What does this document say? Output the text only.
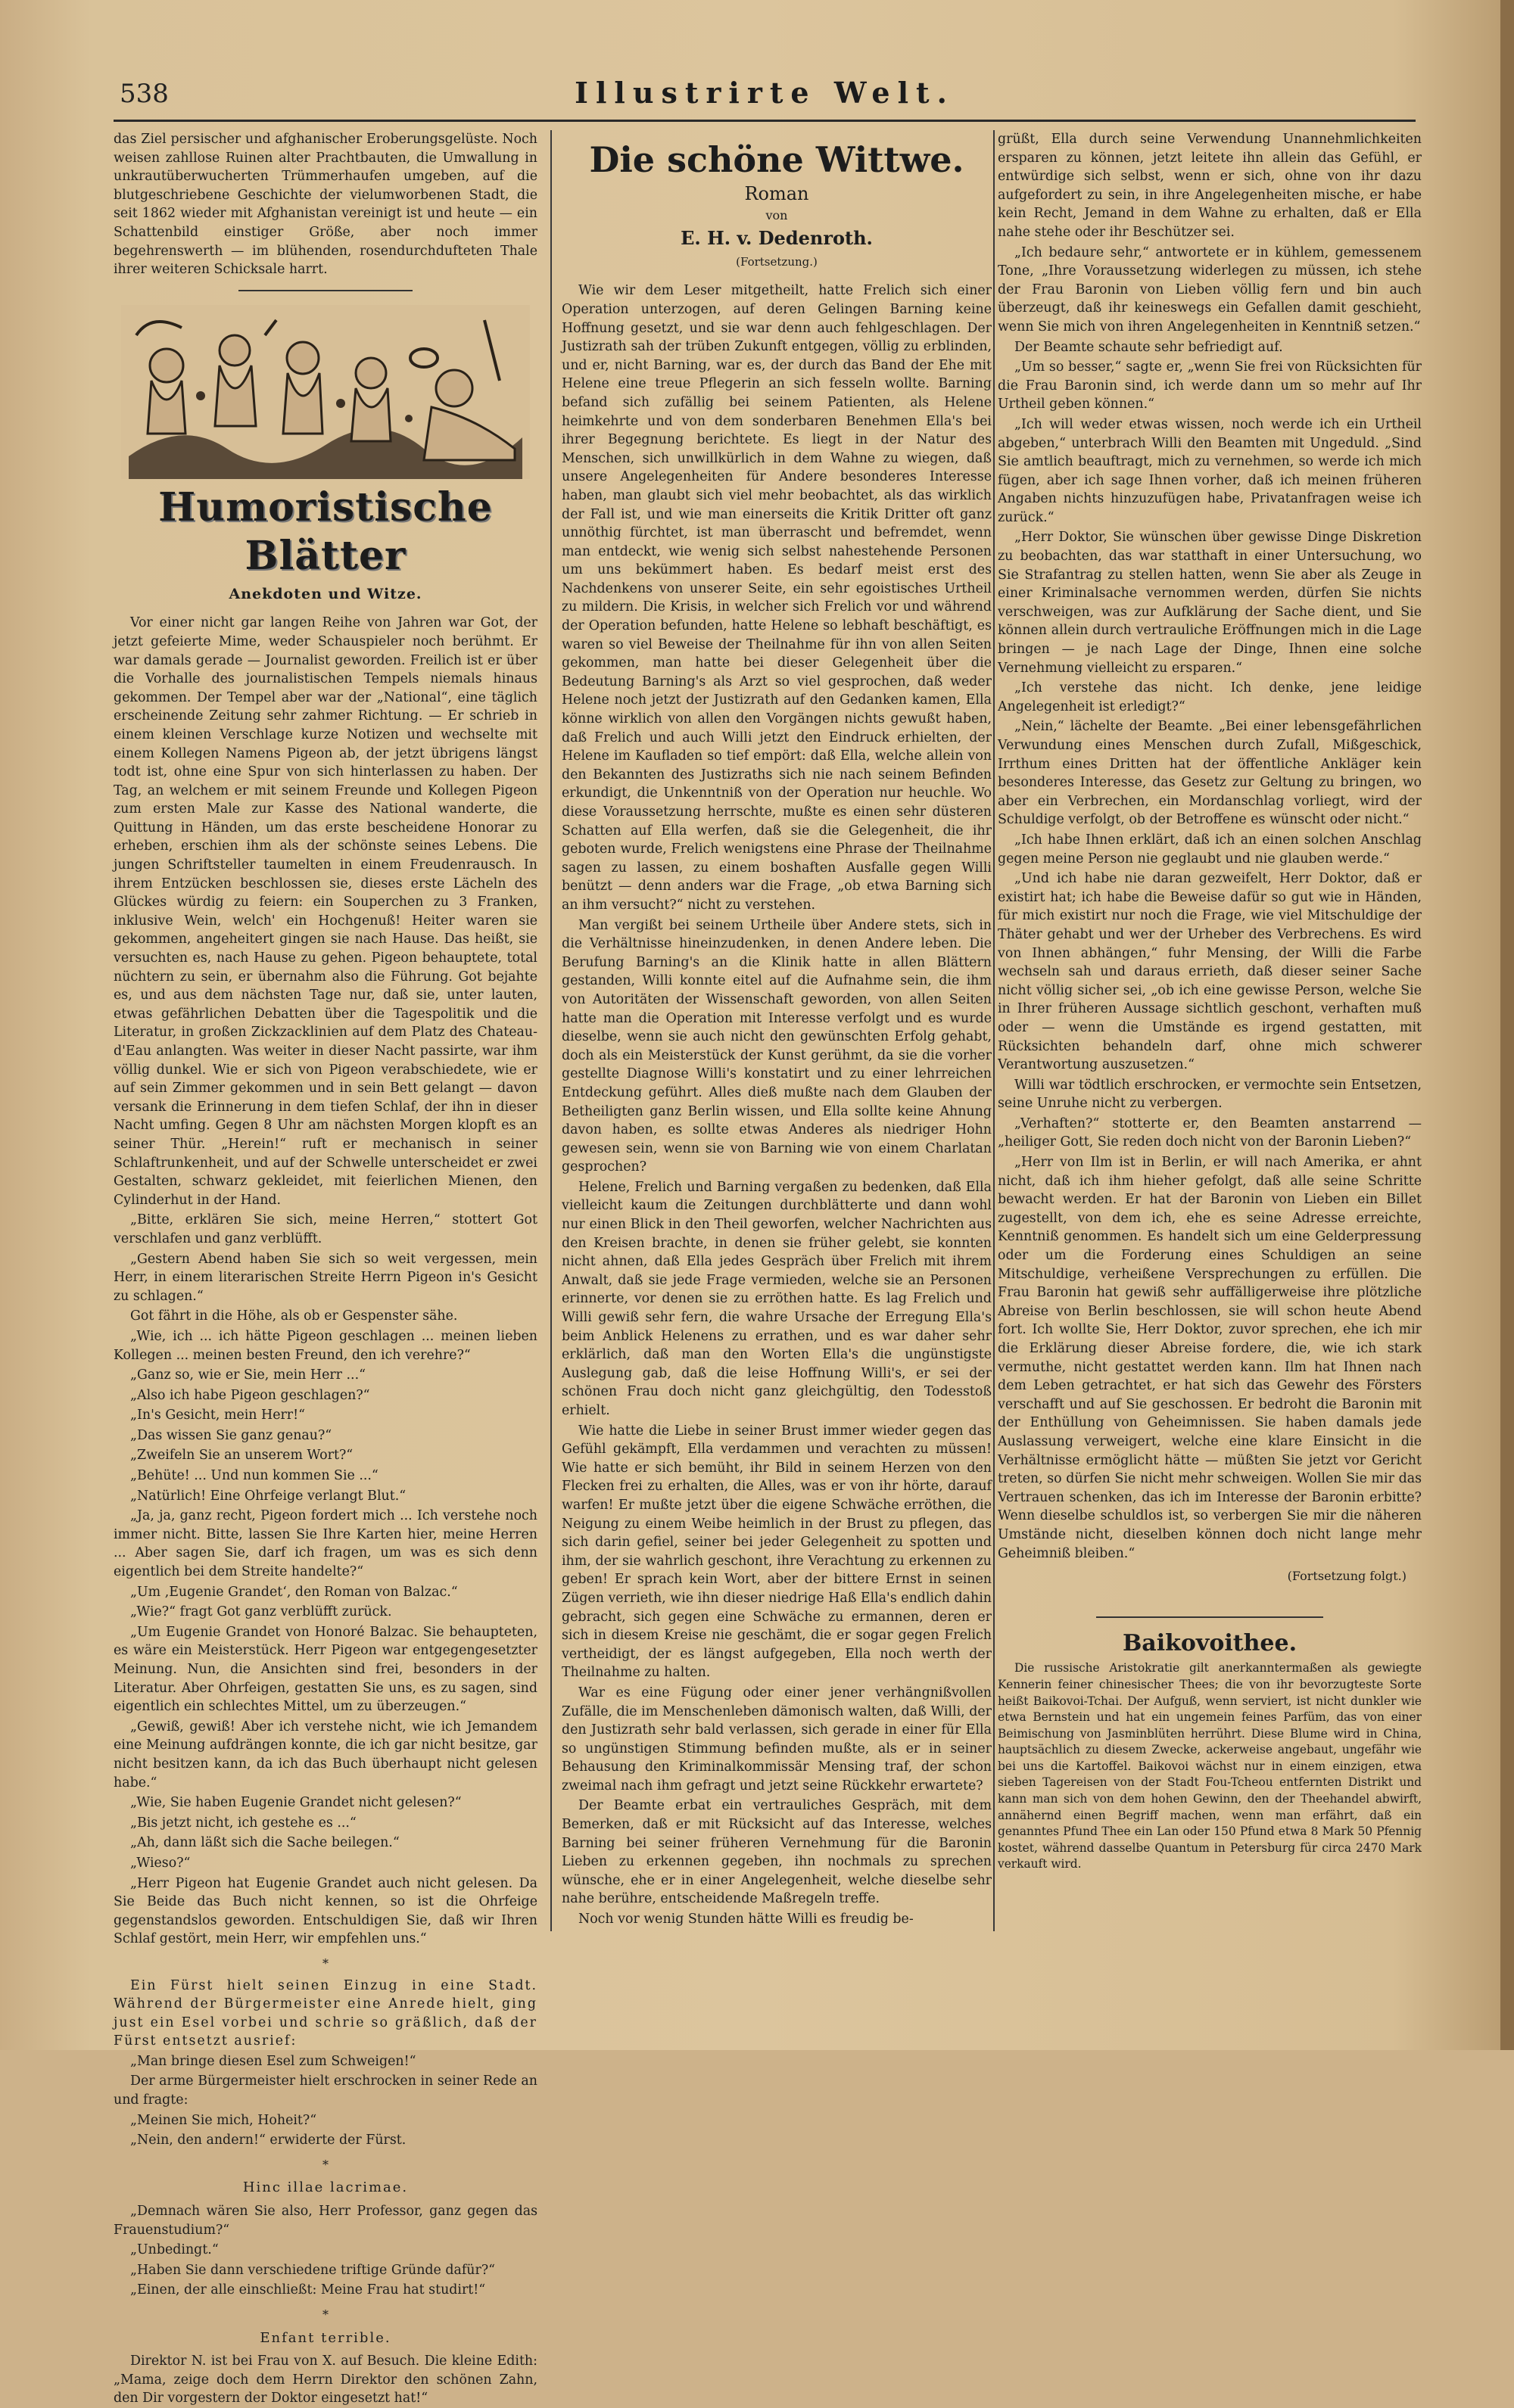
538	Illustrirte Welt.

das Ziel persischer und afghanischer Eroberungsgelüste. Noch weisen zahllose Ruinen alter Prachtbauten, die Umwallung in unkrautüberwucherten Trümmerhaufen umgeben, auf die blutgeschriebene Geschichte der vielumworbenen Stadt, die seit 1862 wieder mit Afghanistan vereinigt ist und heute — ein Schattenbild einstiger Größe, aber noch immer begehrenswerth — im blühenden, rosendurchdufteten Thale ihrer weiteren Schicksale harrt.

Humoristische Blätter
Anekdoten und Witze.

Vor einer nicht gar langen Reihe von Jahren war Got, der jetzt gefeierte Mime, weder Schauspieler noch berühmt. Er war damals gerade — Journalist geworden. Freilich ist er über die Vorhalle des journalistischen Tempels niemals hinaus gekommen. Der Tempel aber war der „National“, eine täglich erscheinende Zeitung sehr zahmer Richtung. — Er schrieb in einem kleinen Verschlage kurze Notizen und wechselte mit einem Kollegen Namens Pigeon ab, der jetzt übrigens längst todt ist, ohne eine Spur von sich hinterlassen zu haben. Der Tag, an welchem er mit seinem Freunde und Kollegen Pigeon zum ersten Male zur Kasse des National wanderte, die Quittung in Händen, um das erste bescheidene Honorar zu erheben, erschien ihm als der schönste seines Lebens. Die jungen Schriftsteller taumelten in einem Freudenrausch. In ihrem Entzücken beschlossen sie, dieses erste Lächeln des Glückes würdig zu feiern: ein Souperchen zu 3 Franken, inklusive Wein, welch' ein Hochgenuß! Heiter waren sie gekommen, angeheitert gingen sie nach Hause. Das heißt, sie versuchten es, nach Hause zu gehen. Pigeon behauptete, total nüchtern zu sein, er übernahm also die Führung. Got bejahte es, und aus dem nächsten Tage nur, daß sie, unter lauten, etwas gefährlichen Debatten über die Tagespolitik und die Literatur, in großen Zickzacklinien auf dem Platz des Chateau-d'Eau anlangten. Was weiter in dieser Nacht passirte, war ihm völlig dunkel. Wie er sich von Pigeon verabschiedete, wie er auf sein Zimmer gekommen und in sein Bett gelangt — davon versank die Erinnerung in dem tiefen Schlaf, der ihn in dieser Nacht umfing. Gegen 8 Uhr am nächsten Morgen klopft es an seiner Thür. „Herein!“ ruft er mechanisch in seiner Schlaftrunkenheit, und auf der Schwelle unterscheidet er zwei Gestalten, schwarz gekleidet, mit feierlichen Mienen, den Cylinderhut in der Hand.

„Bitte, erklären Sie sich, meine Herren,“ stottert Got verschlafen und ganz verblüfft.

„Gestern Abend haben Sie sich so weit vergessen, mein Herr, in einem literarischen Streite Herrn Pigeon in's Gesicht zu schlagen.“

Got fährt in die Höhe, als ob er Gespenster sähe.

„Wie, ich ... ich hätte Pigeon geschlagen ... meinen lieben Kollegen ... meinen besten Freund, den ich verehre?“

„Ganz so, wie er Sie, mein Herr ...“

„Also ich habe Pigeon geschlagen?“

„In's Gesicht, mein Herr!“

„Das wissen Sie ganz genau?“

„Zweifeln Sie an unserem Wort?“

„Behüte! ... Und nun kommen Sie ...“

„Natürlich! Eine Ohrfeige verlangt Blut.“

„Ja, ja, ganz recht, Pigeon fordert mich ... Ich verstehe noch immer nicht. Bitte, lassen Sie Ihre Karten hier, meine Herren ... Aber sagen Sie, darf ich fragen, um was es sich denn eigentlich bei dem Streite handelte?“

„Um ‚Eugenie Grandet‘, den Roman von Balzac.“

„Wie?“ fragt Got ganz verblüfft zurück.

„Um Eugenie Grandet von Honoré Balzac. Sie behaupteten, es wäre ein Meisterstück. Herr Pigeon war entgegengesetzter Meinung. Nun, die Ansichten sind frei, besonders in der Literatur. Aber Ohrfeigen, gestatten Sie uns, es zu sagen, sind eigentlich ein schlechtes Mittel, um zu überzeugen.“

„Gewiß, gewiß! Aber ich verstehe nicht, wie ich Jemandem eine Meinung aufdrängen konnte, die ich gar nicht besitze, gar nicht besitzen kann, da ich das Buch überhaupt nicht gelesen habe.“

„Wie, Sie haben Eugenie Grandet nicht gelesen?“

„Bis jetzt nicht, ich gestehe es ...“

„Ah, dann läßt sich die Sache beilegen.“

„Wieso?“

„Herr Pigeon hat Eugenie Grandet auch nicht gelesen. Da Sie Beide das Buch nicht kennen, so ist die Ohrfeige gegenstandslos geworden. Entschuldigen Sie, daß wir Ihren Schlaf gestört, mein Herr, wir empfehlen uns.“

*

Ein Fürst hielt seinen Einzug in eine Stadt. Während der Bürgermeister eine Anrede hielt, ging just ein Esel vorbei und schrie so gräßlich, daß der Fürst entsetzt ausrief:

„Man bringe diesen Esel zum Schweigen!“

Der arme Bürgermeister hielt erschrocken in seiner Rede an und fragte:

„Meinen Sie mich, Hoheit?“

„Nein, den andern!“ erwiderte der Fürst.

*
Hinc illae lacrimae.

„Demnach wären Sie also, Herr Professor, ganz gegen das Frauenstudium?“

„Unbedingt.“

„Haben Sie dann verschiedene triftige Gründe dafür?“

„Einen, der alle einschließt: Meine Frau hat studirt!“

*
Enfant terrible.

Direktor N. ist bei Frau von X. auf Besuch. Die kleine Edith: „Mama, zeige doch dem Herrn Direktor den schönen Zahn, den Dir vorgestern der Doktor eingesetzt hat!“

Die schöne Wittwe.
Roman
von
E. H. v. Dedenroth.
(Fortsetzung.)

Wie wir dem Leser mitgetheilt, hatte Frelich sich einer Operation unterzogen, auf deren Gelingen Barning keine Hoffnung gesetzt, und sie war denn auch fehlgeschlagen. Der Justizrath sah der trüben Zukunft entgegen, völlig zu erblinden, und er, nicht Barning, war es, der durch das Band der Ehe mit Helene eine treue Pflegerin an sich fesseln wollte. Barning befand sich zufällig bei seinem Patienten, als Helene heimkehrte und von dem sonderbaren Benehmen Ella's bei ihrer Begegnung berichtete. Es liegt in der Natur des Menschen, sich unwillkürlich in dem Wahne zu wiegen, daß unsere Angelegenheiten für Andere besonderes Interesse haben, man glaubt sich viel mehr beobachtet, als das wirklich der Fall ist, und wie man einerseits die Kritik Dritter oft ganz unnöthig fürchtet, ist man überrascht und befremdet, wenn man entdeckt, wie wenig sich selbst nahestehende Personen um uns bekümmert haben. Es bedarf meist erst des Nachdenkens von unserer Seite, ein sehr egoistisches Urtheil zu mildern. Die Krisis, in welcher sich Frelich vor und während der Operation befunden, hatte Helene so lebhaft beschäftigt, es waren so viel Beweise der Theilnahme für ihn von allen Seiten gekommen, man hatte bei dieser Gelegenheit über die Bedeutung Barning's als Arzt so viel gesprochen, daß weder Helene noch jetzt der Justizrath auf den Gedanken kamen, Ella könne wirklich von allen den Vorgängen nichts gewußt haben, daß Frelich und auch Willi jetzt den Eindruck erhielten, der Helene im Kaufladen so tief empört: daß Ella, welche allein von den Bekannten des Justizraths sich nie nach seinem Befinden erkundigt, die Unkenntniß von der Operation nur heuchle. Wo diese Voraussetzung herrschte, mußte es einen sehr düsteren Schatten auf Ella werfen, daß sie die Gelegenheit, die ihr geboten wurde, Frelich wenigstens eine Phrase der Theilnahme sagen zu lassen, zu einem boshaften Ausfalle gegen Willi benützt — denn anders war die Frage, „ob etwa Barning sich an ihm versucht?“ nicht zu verstehen.

Man vergißt bei seinem Urtheile über Andere stets, sich in die Verhältnisse hineinzudenken, in denen Andere leben. Die Berufung Barning's an die Klinik hatte in allen Blättern gestanden, Willi konnte eitel auf die Aufnahme sein, die ihm von Autoritäten der Wissenschaft geworden, von allen Seiten hatte man die Operation mit Interesse verfolgt und es wurde dieselbe, wenn sie auch nicht den gewünschten Erfolg gehabt, doch als ein Meisterstück der Kunst gerühmt, da sie die vorher gestellte Diagnose Willi's konstatirt und zu einer lehrreichen Entdeckung geführt. Alles dieß mußte nach dem Glauben der Betheiligten ganz Berlin wissen, und Ella sollte keine Ahnung davon haben, es sollte etwas Anderes als niedriger Hohn gewesen sein, wenn sie von Barning wie von einem Charlatan gesprochen?

Helene, Frelich und Barning vergaßen zu bedenken, daß Ella vielleicht kaum die Zeitungen durchblätterte und dann wohl nur einen Blick in den Theil geworfen, welcher Nachrichten aus den Kreisen brachte, in denen sie früher gelebt, sie konnten nicht ahnen, daß Ella jedes Gespräch über Frelich mit ihrem Anwalt, daß sie jede Frage vermieden, welche sie an Personen erinnerte, vor denen sie zu erröthen hatte. Es lag Frelich und Willi gewiß sehr fern, die wahre Ursache der Erregung Ella's beim Anblick Helenens zu errathen, und es war daher sehr erklärlich, daß man den Worten Ella's die ungünstigste Auslegung gab, daß die leise Hoffnung Willi's, er sei der schönen Frau doch nicht ganz gleichgültig, den Todesstoß erhielt.

Wie hatte die Liebe in seiner Brust immer wieder gegen das Gefühl gekämpft, Ella verdammen und verachten zu müssen! Wie hatte er sich bemüht, ihr Bild in seinem Herzen von den Flecken frei zu erhalten, die Alles, was er von ihr hörte, darauf warfen! Er mußte jetzt über die eigene Schwäche erröthen, die Neigung zu einem Weibe heimlich in der Brust zu pflegen, das sich darin gefiel, seiner bei jeder Gelegenheit zu spotten und ihm, der sie wahrlich geschont, ihre Verachtung zu erkennen zu geben! Er sprach kein Wort, aber der bittere Ernst in seinen Zügen verrieth, wie ihn dieser niedrige Haß Ella's endlich dahin gebracht, sich gegen eine Schwäche zu ermannen, deren er sich in diesem Kreise nie geschämt, die er sogar gegen Frelich vertheidigt, der es längst aufgegeben, Ella noch werth der Theilnahme zu halten.

War es eine Fügung oder einer jener verhängnißvollen Zufälle, die im Menschenleben dämonisch walten, daß Willi, der den Justizrath sehr bald verlassen, sich gerade in einer für Ella so ungünstigen Stimmung befinden mußte, als er in seiner Behausung den Kriminalkommissär Mensing traf, der schon zweimal nach ihm gefragt und jetzt seine Rückkehr erwartete?

Der Beamte erbat ein vertrauliches Gespräch, mit dem Bemerken, daß er mit Rücksicht auf das Interesse, welches Barning bei seiner früheren Vernehmung für die Baronin Lieben zu erkennen gegeben, ihn nochmals zu sprechen wünsche, ehe er in einer Angelegenheit, welche dieselbe sehr nahe berühre, entscheidende Maßregeln treffe.

Noch vor wenig Stunden hätte Willi es freudig be-

grüßt, Ella durch seine Verwendung Unannehmlichkeiten ersparen zu können, jetzt leitete ihn allein das Gefühl, er entwürdige sich selbst, wenn er sich, ohne von ihr dazu aufgefordert zu sein, in ihre Angelegenheiten mische, er habe kein Recht, Jemand in dem Wahne zu erhalten, daß er Ella nahe stehe oder ihr Beschützer sei.

„Ich bedaure sehr,“ antwortete er in kühlem, gemessenem Tone, „Ihre Voraussetzung widerlegen zu müssen, ich stehe der Frau Baronin von Lieben völlig fern und bin auch überzeugt, daß ihr keineswegs ein Gefallen damit geschieht, wenn Sie mich von ihren Angelegenheiten in Kenntniß setzen.“

Der Beamte schaute sehr befriedigt auf.

„Um so besser,“ sagte er, „wenn Sie frei von Rücksichten für die Frau Baronin sind, ich werde dann um so mehr auf Ihr Urtheil geben können.“

„Ich will weder etwas wissen, noch werde ich ein Urtheil abgeben,“ unterbrach Willi den Beamten mit Ungeduld. „Sind Sie amtlich beauftragt, mich zu vernehmen, so werde ich mich fügen, aber ich sage Ihnen vorher, daß ich meinen früheren Angaben nichts hinzuzufügen habe, Privatanfragen weise ich zurück.“

„Herr Doktor, Sie wünschen über gewisse Dinge Diskretion zu beobachten, das war statthaft in einer Untersuchung, wo Sie Strafantrag zu stellen hatten, wenn Sie aber als Zeuge in einer Kriminalsache vernommen werden, dürfen Sie nichts verschweigen, was zur Aufklärung der Sache dient, und Sie können allein durch vertrauliche Eröffnungen mich in die Lage bringen — je nach Lage der Dinge, Ihnen eine solche Vernehmung vielleicht zu ersparen.“

„Ich verstehe das nicht. Ich denke, jene leidige Angelegenheit ist erledigt?“

„Nein,“ lächelte der Beamte. „Bei einer lebensgefährlichen Verwundung eines Menschen durch Zufall, Mißgeschick, Irrthum eines Dritten hat der öffentliche Ankläger kein besonderes Interesse, das Gesetz zur Geltung zu bringen, wo aber ein Verbrechen, ein Mordanschlag vorliegt, wird der Schuldige verfolgt, ob der Betroffene es wünscht oder nicht.“

„Ich habe Ihnen erklärt, daß ich an einen solchen Anschlag gegen meine Person nie geglaubt und nie glauben werde.“

„Und ich habe nie daran gezweifelt, Herr Doktor, daß er existirt hat; ich habe die Beweise dafür so gut wie in Händen, für mich existirt nur noch die Frage, wie viel Mitschuldige der Thäter gehabt und wer der Urheber des Verbrechens. Es wird von Ihnen abhängen,“ fuhr Mensing, der Willi die Farbe wechseln sah und daraus errieth, daß dieser seiner Sache nicht völlig sicher sei, „ob ich eine gewisse Person, welche Sie in Ihrer früheren Aussage sichtlich geschont, verhaften muß oder — wenn die Umstände es irgend gestatten, mit Rücksichten behandeln darf, ohne mich schwerer Verantwortung auszusetzen.“

Willi war tödtlich erschrocken, er vermochte sein Entsetzen, seine Unruhe nicht zu verbergen.

„Verhaften?“ stotterte er, den Beamten anstarrend — „heiliger Gott, Sie reden doch nicht von der Baronin Lieben?“

„Herr von Ilm ist in Berlin, er will nach Amerika, er ahnt nicht, daß ich ihm hieher gefolgt, daß alle seine Schritte bewacht werden. Er hat der Baronin von Lieben ein Billet zugestellt, von dem ich, ehe es seine Adresse erreichte, Kenntniß genommen. Es handelt sich um eine Gelderpressung oder um die Forderung eines Schuldigen an seine Mitschuldige, verheißene Versprechungen zu erfüllen. Die Frau Baronin hat gewiß sehr auffälligerweise ihre plötzliche Abreise von Berlin beschlossen, sie will schon heute Abend fort. Ich wollte Sie, Herr Doktor, zuvor sprechen, ehe ich mir die Erklärung dieser Abreise fordere, die, wie ich stark vermuthe, nicht gestattet werden kann. Ilm hat Ihnen nach dem Leben getrachtet, er hat sich das Gewehr des Försters verschafft und auf Sie geschossen. Er bedroht die Baronin mit der Enthüllung von Geheimnissen. Sie haben damals jede Auslassung verweigert, welche eine klare Einsicht in die Verhältnisse ermöglicht hätte — müßten Sie jetzt vor Gericht treten, so dürfen Sie nicht mehr schweigen. Wollen Sie mir das Vertrauen schenken, das ich im Interesse der Baronin erbitte? Wenn dieselbe schuldlos ist, so verbergen Sie mir die näheren Umstände nicht, dieselben können doch nicht lange mehr Geheimniß bleiben.“

(Fortsetzung folgt.)
Baikovoithee.

Die russische Aristokratie gilt anerkanntermaßen als gewiegte Kennerin feiner chinesischer Thees; die von ihr bevorzugteste Sorte heißt Baikovoi-Tchai. Der Aufguß, wenn serviert, ist nicht dunkler wie etwa Bernstein und hat ein ungemein feines Parfüm, das von einer Beimischung von Jasminblüten herrührt. Diese Blume wird in China, hauptsächlich zu diesem Zwecke, ackerweise angebaut, ungefähr wie bei uns die Kartoffel. Baikovoi wächst nur in einem einzigen, etwa sieben Tagereisen von der Stadt Fou-Tcheou entfernten Distrikt und kann man sich von dem hohen Gewinn, den der Theehandel abwirft, annähernd einen Begriff machen, wenn man erfährt, daß ein genanntes Pfund Thee ein Lan oder 150 Pfund etwa 8 Mark 50 Pfennig kostet, während dasselbe Quantum in Petersburg für circa 2470 Mark verkauft wird.
